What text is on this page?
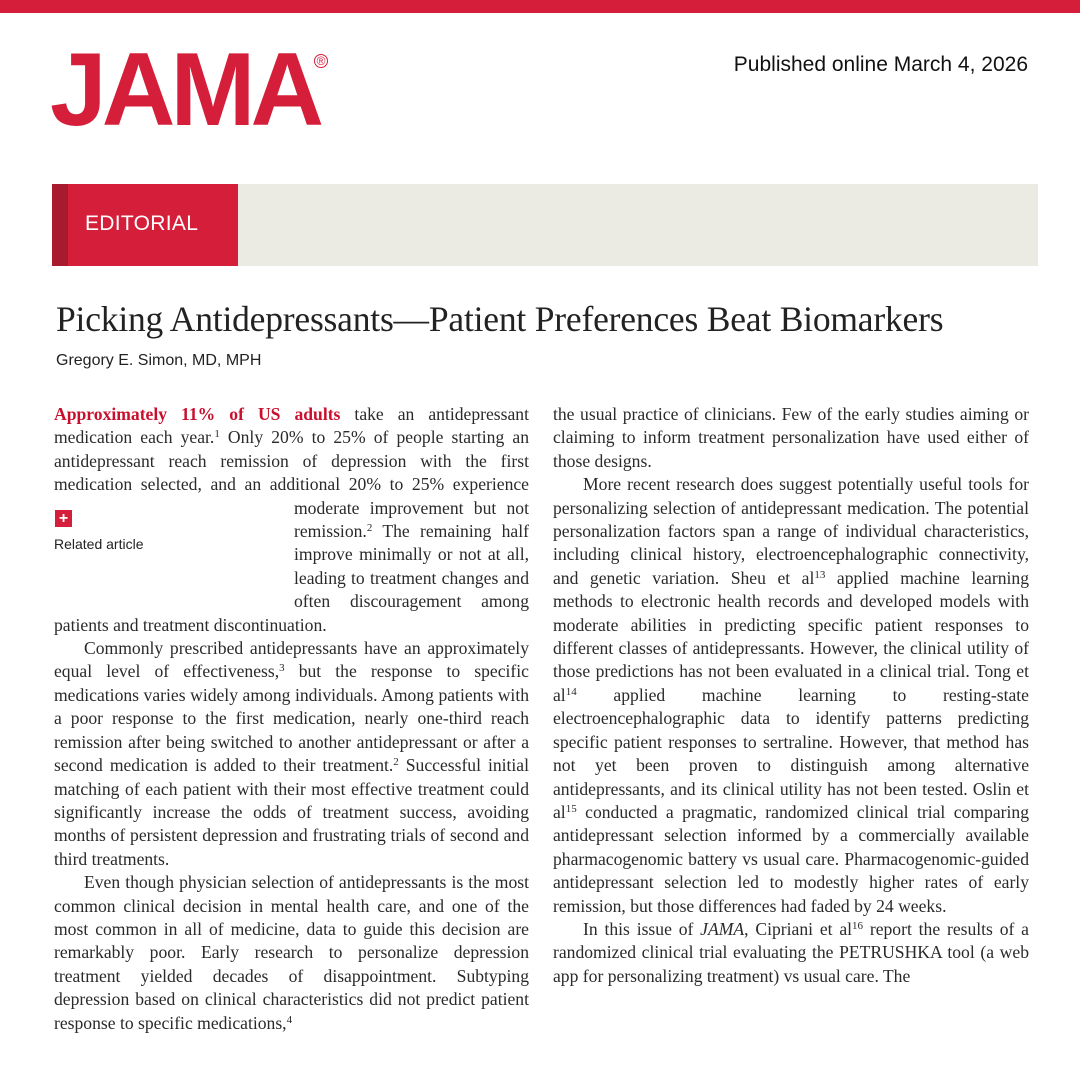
JAMA
®	Published online March 4, 2026
EDITORIAL
Picking Antidepressants—Patient Preferences Beat Biomarkers
Gregory E. Simon, MD, MPH

Approximately 11% of US adults take an antidepressant medication each year.$^1$ Only 20% to 25% of people starting an antidepressant reach remission of depression with the first medication selected, and an additional 20% to 25% experience
+
Related article
moderate improvement but not remission.$^2$ The remaining half improve minimally or not at all, leading to treatment changes and often discouragement among patients and treatment discontinuation.

Commonly prescribed antidepressants have an approximately equal level of effectiveness,$^3$ but the response to specific medications varies widely among individuals. Among patients with a poor response to the first medication, nearly one-third reach remission after being switched to another antidepressant or after a second medication is added to their treatment.$^2$ Successful initial matching of each patient with their most effective treatment could significantly increase the odds of treatment success, avoiding months of persistent depression and frustrating trials of second and third treatments.

Even though physician selection of antidepressants is the most common clinical decision in mental health care, and one of the most common in all of medicine, data to guide this decision are remarkably poor. Early research to personalize depression treatment yielded decades of disappointment. Subtyping depression based on clinical characteristics did not predict patient response to specific medications,$^4$

the usual practice of clinicians. Few of the early studies aiming or claiming to inform treatment personalization have used either of those designs.

More recent research does suggest potentially useful tools for personalizing selection of antidepressant medication. The potential personalization factors span a range of individual characteristics, including clinical history, electroencephalographic connectivity, and genetic variation. Sheu et $al^{13}$ applied machine learning methods to electronic health records and developed models with moderate abilities in predicting specific patient responses to different classes of antidepressants. However, the clinical utility of those predictions has not been evaluated in a clinical trial. Tong et $al^{14}$ applied machine learning to resting-state electroencephalographic data to identify patterns predicting specific patient responses to sertraline. However, that method has not yet been proven to distinguish among alternative antidepressants, and its clinical utility has not been tested. Oslin et $al^{15}$ conducted a pragmatic, randomized clinical trial comparing antidepressant selection informed by a commercially available pharmacogenomic battery vs usual care. Pharmacogenomic-guided antidepressant selection led to modestly higher rates of early remission, but those differences had faded by 24 weeks.

In this issue of JAMA, Cipriani et $al^{16}$ report the results of a randomized clinical trial evaluating the PETRUSHKA tool (a web app for personalizing treatment) vs usual care. The
